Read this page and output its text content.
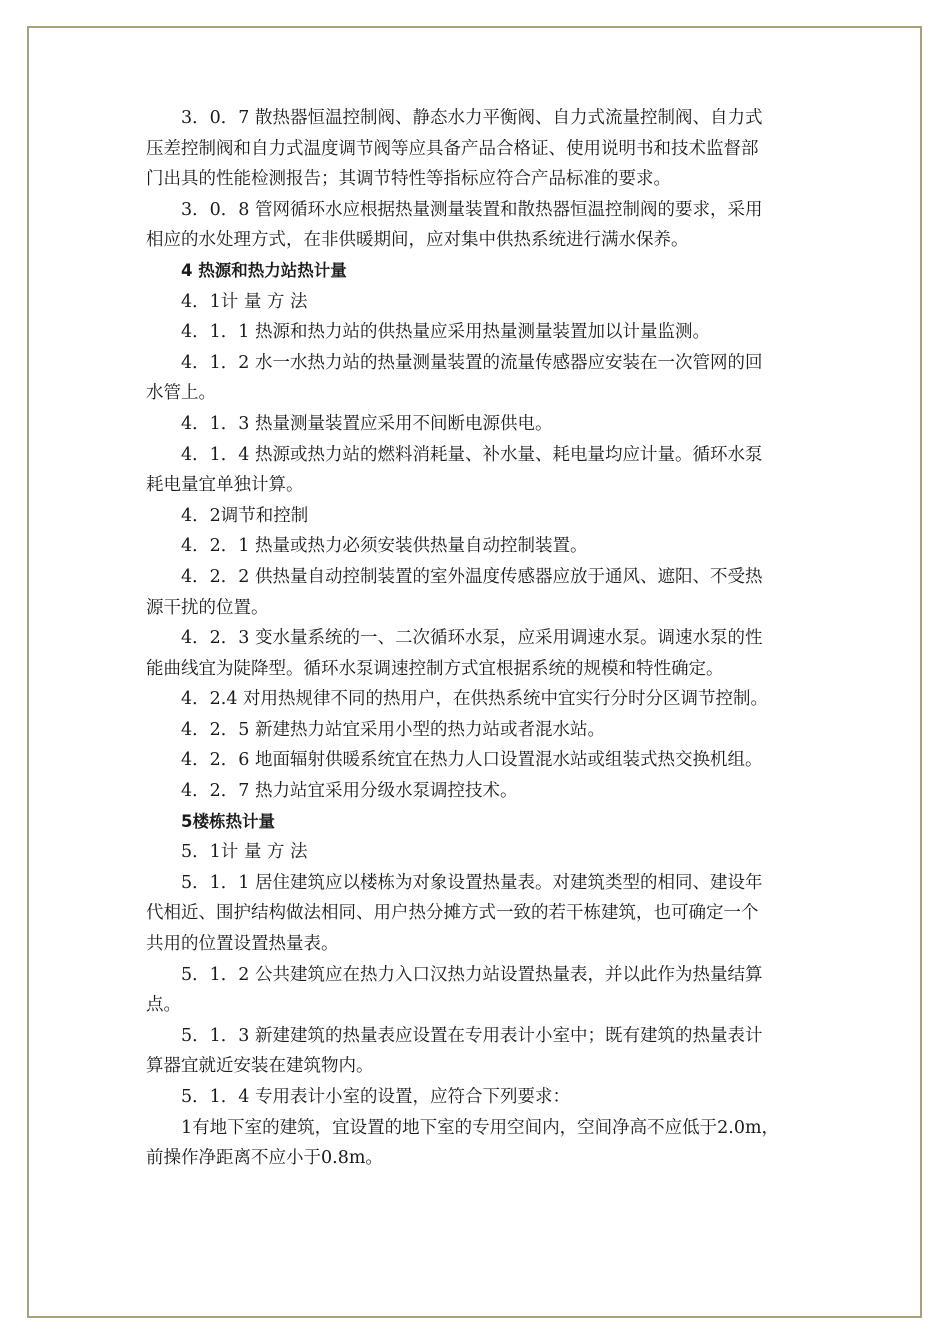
3．0．7 散热器恒温控制阀、静态水力平衡阀、自力式流量控制阀、自力式
压差控制阀和自力式温度调节阀等应具备产品合格证、使用说明书和技术监督部
门出具的性能检测报告；其调节特性等指标应符合产品标准的要求。
3．0．8 管网循环水应根据热量测量装置和散热器恒温控制阀的要求，采用
相应的水处理方式，在非供暖期间，应对集中供热系统进行满水保养。
4 热源和热力站热计量
4．1计 量 方 法
4．1．1 热源和热力站的供热量应采用热量测量装置加以计量监测。
4．1．2 水一水热力站的热量测量装置的流量传感器应安装在一次管网的回
水管上。
4．1．3 热量测量装置应采用不间断电源供电。
4．1．4 热源或热力站的燃料消耗量、补水量、耗电量均应计量。循环水泵
耗电量宜单独计算。
4．2调节和控制
4．2．1 热量或热力必须安装供热量自动控制装置。
4．2．2 供热量自动控制装置的室外温度传感器应放于通风、遮阳、不受热
源干扰的位置。
4．2．3 变水量系统的一、二次循环水泵，应采用调速水泵。调速水泵的性
能曲线宜为陡降型。循环水泵调速控制方式宜根据系统的规模和特性确定。
4．2.4 对用热规律不同的热用户，在供热系统中宜实行分时分区调节控制。
4．2．5 新建热力站宜采用小型的热力站或者混水站。
4．2．6 地面辐射供暖系统宜在热力人口设置混水站或组装式热交换机组。
4．2．7 热力站宜采用分级水泵调控技术。
5楼栋热计量
5．1计 量 方 法
5．1．1 居住建筑应以楼栋为对象设置热量表。对建筑类型的相同、建设年
代相近、围护结构做法相同、用户热分摊方式一致的若干栋建筑，也可确定一个
共用的位置设置热量表。
5．1．2 公共建筑应在热力入口汉热力站设置热量表，并以此作为热量结算
点。
5．1．3 新建建筑的热量表应设置在专用表计小室中；既有建筑的热量表计
算器宜就近安装在建筑物内。
5．1．4 专用表计小室的设置，应符合下列要求：
1有地下室的建筑，宜设置的地下室的专用空间内，空间净高不应低于2.0m，
前操作净距离不应小于0.8m。
